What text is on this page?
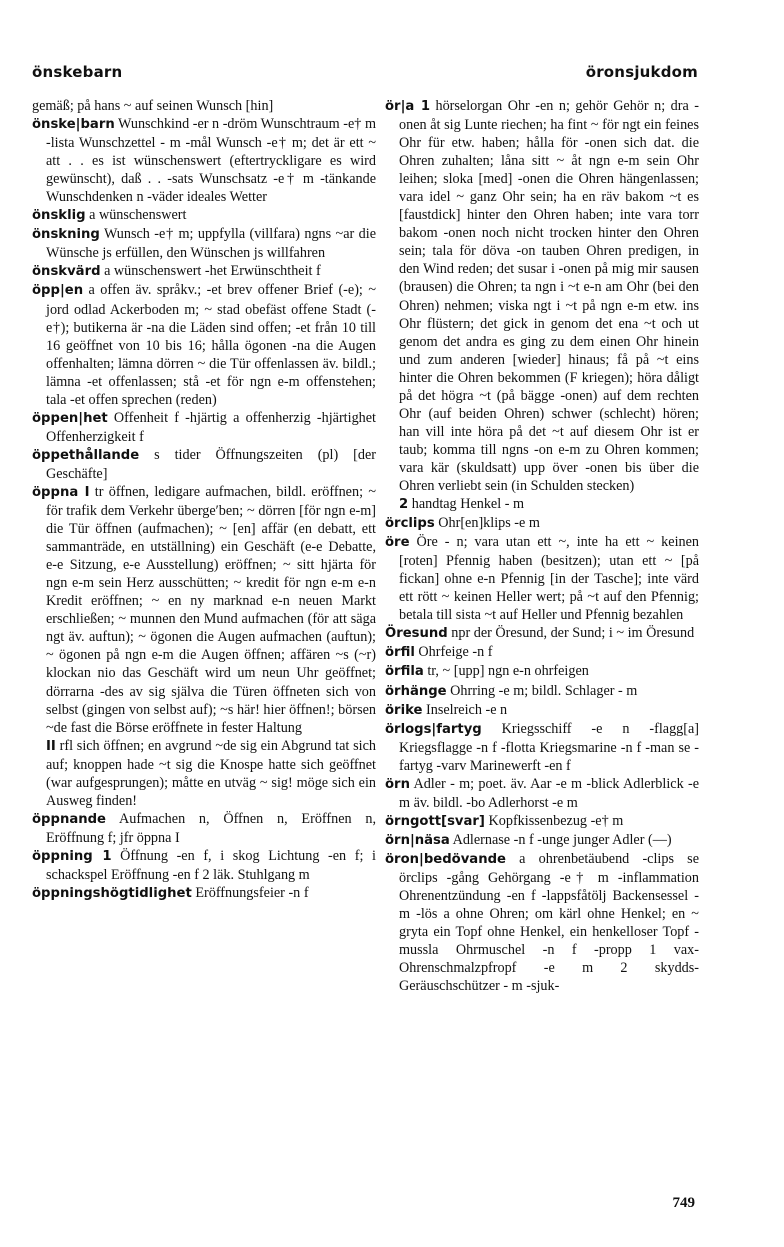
önskebarn	öronsjukdom

gemäß; på hans ~ auf seinen Wunsch [hin]

önske|barn Wunschkind -er n -dröm Wunschtraum -e† m -lista Wunschzettel - m -mål Wunsch -e† m; det är ett ~ att . . es ist wünschenswert (eftertryckligare es wird gewünscht), daß . . -sats Wunschsatz -e† m -tänkande Wunschdenken n -väder ideales Wetter

önsklig a wünschenswert

önskning Wunsch -e† m; uppfylla (villfara) ngns ~ar die Wünsche js erfüllen, den Wünschen js willfahren

önskvärd a wünschenswert -het Erwünschtheit f

öpp|en a offen äv. språkv.; -et brev offener Brief (-e); ~ jord odlad Ackerboden m; ~ stad obefäst offene Stadt (-e†); butikerna är -na die Läden sind offen; -et från 10 till 16 geöffnet von 10 bis 16; hålla ögonen -na die Augen offenhalten; lämna dörren ~ die Tür offenlassen äv. bildl.; lämna -et offenlassen; stå -et för ngn e-m offenstehen; tala -et offen sprechen (reden)

öppen|het Offenheit f -hjärtig a offenherzig -hjärtighet Offenherzigkeit f

öppethållande s tider Öffnungszeiten (pl) [der Geschäfte]

öppna I tr öffnen, ledigare aufmachen, bildl. eröffnen; ~ för trafik dem Verkehr übergeʹben; ~ dörren [för ngn e-m] die Tür öffnen (aufmachen); ~ [en] affär (en debatt, ett sammanträde, en utställning) ein Geschäft (e-e Debatte, e-e Sitzung, e-e Ausstellung) eröffnen; ~ sitt hjärta för ngn e-m sein Herz ausschütten; ~ kredit för ngn e-m e-n Kredit eröffnen; ~ en ny marknad e-n neuen Markt erschließen; ~ munnen den Mund aufmachen (för att säga ngt äv. auftun); ~ ögonen die Augen aufmachen (auftun); ~ ögonen på ngn e-m die Augen öffnen; affären ~s (~r) klockan nio das Geschäft wird um neun Uhr geöffnet; dörrarna -des av sig själva die Türen öffneten sich von selbst (gingen von selbst auf); ~s här! hier öffnen!; börsen ~de fast die Börse eröffnete in fester Haltung

II rfl sich öffnen; en avgrund ~de sig ein Abgrund tat sich auf; knoppen hade ~t sig die Knospe hatte sich geöffnet (war aufgesprungen); måtte en utväg ~ sig! möge sich ein Ausweg finden!

öppnande Aufmachen n, Öffnen n, Eröffnen n, Eröffnung f; jfr öppna I

öppning 1 Öffnung -en f, i skog Lichtung -en f; i schackspel Eröffnung -en f 2 läk. Stuhlgang m

öppningshögtidlighet Eröffnungsfeier -n f

ör|a 1 hörselorgan Ohr -en n; gehör Gehör n; dra -onen åt sig Lunte riechen; ha fint ~ för ngt ein feines Ohr für etw. haben; hålla för -onen sich dat. die Ohren zuhalten; låna sitt ~ åt ngn e-m sein Ohr leihen; sloka [med] -onen die Ohren hängenlassen; vara idel ~ ganz Ohr sein; ha en räv bakom ~t es [faustdick] hinter den Ohren haben; inte vara torr bakom -onen noch nicht trocken hinter den Ohren sein; tala för döva -on tauben Ohren predigen, in den Wind reden; det susar i -onen på mig mir sausen (brausen) die Ohren; ta ngn i ~t e-n am Ohr (bei den Ohren) nehmen; viska ngt i ~t på ngn e-m etw. ins Ohr flüstern; det gick in genom det ena ~t och ut genom det andra es ging zu dem einen Ohr hinein und zum anderen [wieder] hinaus; få på ~t eins hinter die Ohren bekommen (F kriegen); höra dåligt på det högra ~t (på bägge -onen) auf dem rechten Ohr (auf beiden Ohren) schwer (schlecht) hören; han vill inte höra på det ~t auf diesem Ohr ist er taub; komma till ngns -on e-m zu Ohren kommen; vara kär (skuldsatt) upp över -onen bis über die Ohren verliebt sein (in Schulden stecken)

2 handtag Henkel - m

örclips Ohr[en]klips -e m

öre Öre - n; vara utan ett ~, inte ha ett ~ keinen [roten] Pfennig haben (besitzen); utan ett ~ [på fickan] ohne e-n Pfennig [in der Tasche]; inte värd ett rött ~ keinen Heller wert; på ~t auf den Pfennig; betala till sista ~t auf Heller und Pfennig bezahlen

Öresund npr der Öresund, der Sund; i ~ im Öresund

örfil Ohrfeige -n f

örfila tr, ~ [upp] ngn e-n ohrfeigen

örhänge Ohrring -e m; bildl. Schlager - m

örike Inselreich -e n

örlogs|fartyg Kriegsschiff -e n -flagg[a] Kriegsflagge -n f -flotta Kriegsmarine -n f -man se -fartyg -varv Marinewerft -en f

örn Adler - m; poet. äv. Aar -e m -blick Adlerblick -e m äv. bildl. -bo Adlerhorst -e m

örngott[svar] Kopfkissenbezug -e† m

örn|näsa Adlernase -n f -unge junger Adler (—)

öron|bedövande a ohrenbetäubend -clips se örclips -gång Gehörgang -e† m -inflammation Ohrenentzündung -en f -lappsfåtölj Backensessel - m -lös a ohne Ohren; om kärl ohne Henkel; en ~ gryta ein Topf ohne Henkel, ein henkelloser Topf -mussla Ohrmuschel -n f -propp 1 vax- Ohrenschmalzpfropf -e m 2 skydds- Geräuschschützer - m -sjuk-

749
